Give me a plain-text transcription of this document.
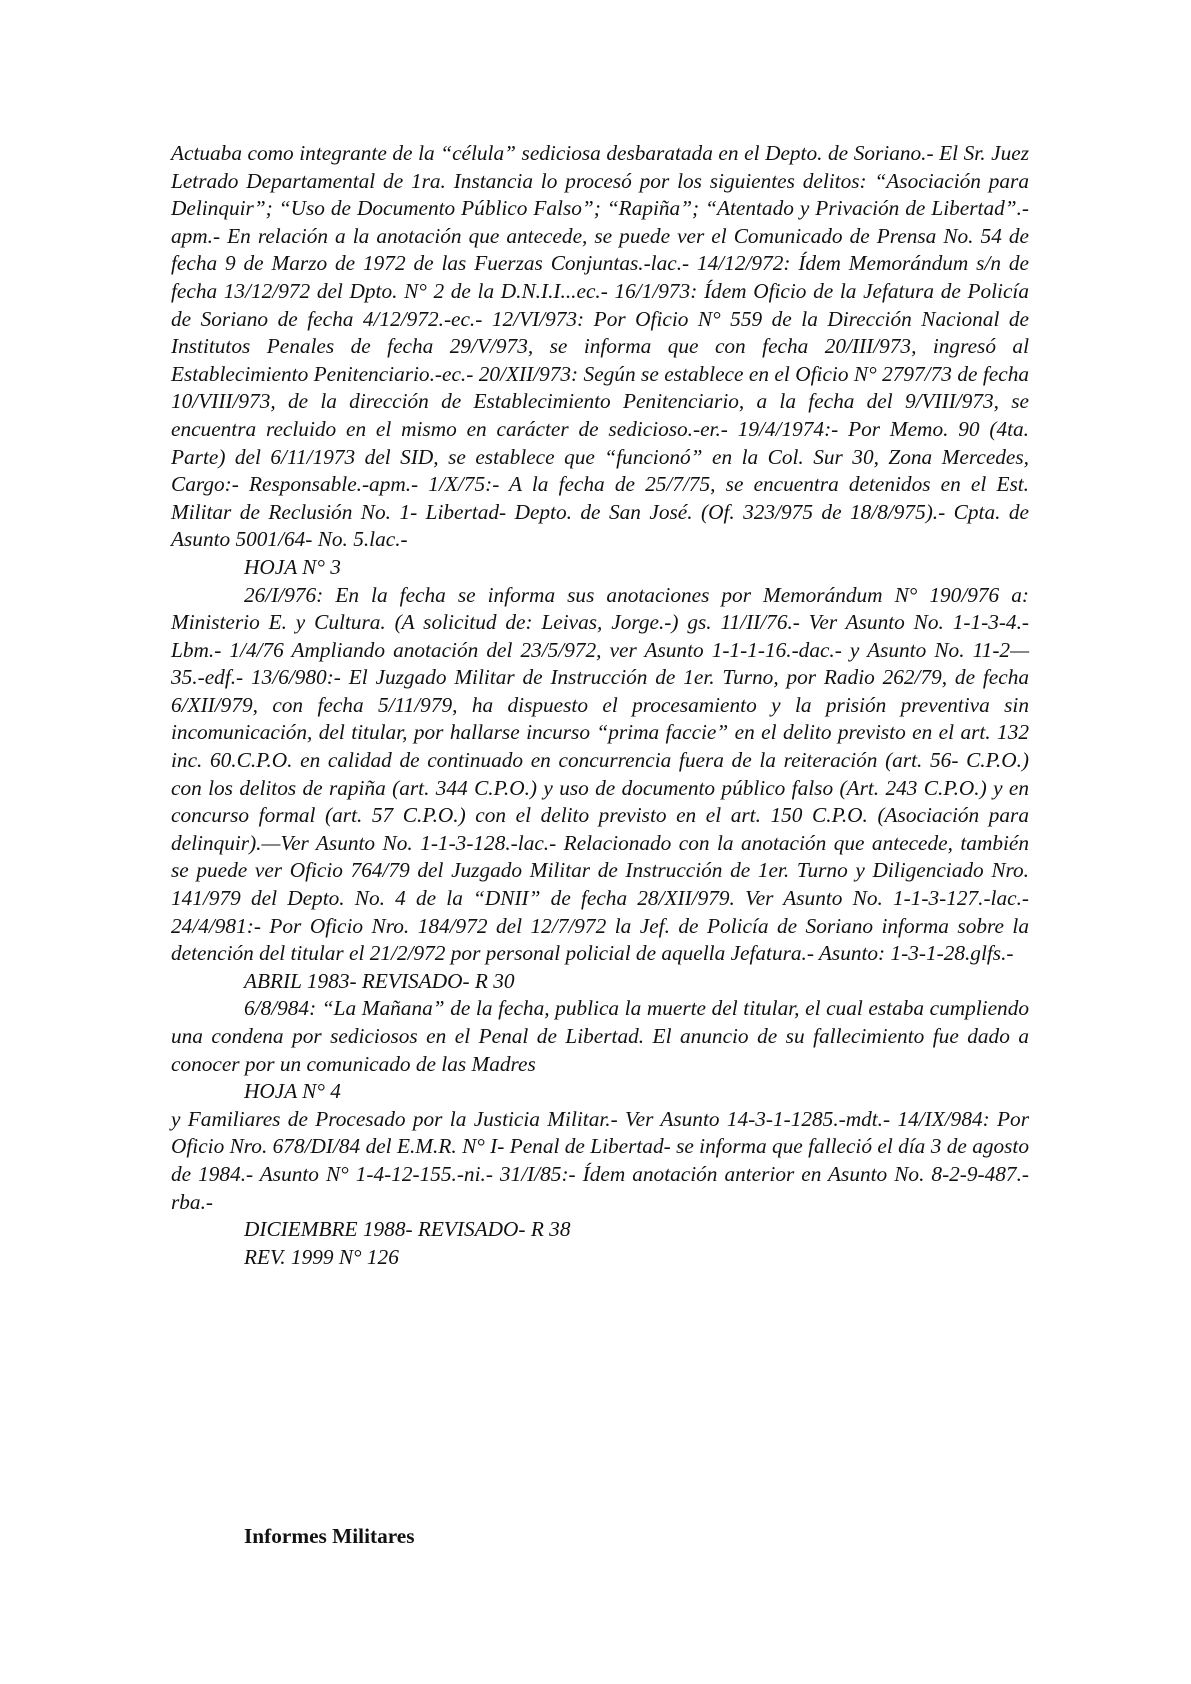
Actuaba como integrante de la “célula” sediciosa desbaratada en el Depto. de Soriano.- El Sr. Juez Letrado Departamental de 1ra. Instancia lo procesó por los siguientes delitos: “Asociación para Delinquir”; “Uso de Documento Público Falso”; “Rapiña”; “Atentado y Privación de Libertad”.- apm.- En relación a la anotación que antecede, se puede ver el Comunicado de Prensa No. 54 de fecha 9 de Marzo de 1972 de las Fuerzas Conjuntas.-lac.- 14/12/972: Ídem Memorándum s/n de fecha 13/12/972 del Dpto. N° 2 de la D.N.I.I...ec.- 16/1/973: Ídem Oficio de la Jefatura de Policía de Soriano de fecha 4/12/972.-ec.- 12/VI/973: Por Oficio N° 559 de la Dirección Nacional de Institutos Penales de fecha 29/V/973, se informa que con fecha 20/III/973, ingresó al Establecimiento Penitenciario.-ec.- 20/XII/973: Según se establece en el Oficio N° 2797/73 de fecha 10/VIII/973, de la dirección de Establecimiento Penitenciario, a la fecha del 9/VIII/973, se encuentra recluido en el mismo en carácter de sedicioso.-er.- 19/4/1974:- Por Memo. 90 (4ta. Parte) del 6/11/1973 del SID, se establece que “funcionó” en la Col. Sur 30, Zona Mercedes, Cargo:- Responsable.-apm.- 1/X/75:- A la fecha de 25/7/75, se encuentra detenidos en el Est. Militar de Reclusión No. 1- Libertad- Depto. de San José. (Of. 323/975 de 18/8/975).- Cpta. de Asunto 5001/64- No. 5.lac.-

HOJA N° 3

26/I/976: En la fecha se informa sus anotaciones por Memorándum N° 190/976 a: Ministerio E. y Cultura. (A solicitud de: Leivas, Jorge.-) gs. 11/II/76.- Ver Asunto No. 1-1-3-4.-Lbm.- 1/4/76 Ampliando anotación del 23/5/972, ver Asunto 1-1-1-16.-dac.- y Asunto No. 11-2—35.-edf.- 13/6/980:- El Juzgado Militar de Instrucción de 1er. Turno, por Radio 262/79, de fecha 6/XII/979, con fecha 5/11/979, ha dispuesto el procesamiento y la prisión preventiva sin incomunicación, del titular, por hallarse incurso “prima faccie” en el delito previsto en el art. 132 inc. 60.C.P.O. en calidad de continuado en concurrencia fuera de la reiteración (art. 56- C.P.O.) con los delitos de rapiña (art. 344 C.P.O.) y uso de documento público falso (Art. 243 C.P.O.) y en concurso formal (art. 57 C.P.O.) con el delito previsto en el art. 150 C.P.O. (Asociación para delinquir).—Ver Asunto No. 1-1-3-128.-lac.- Relacionado con la anotación que antecede, también se puede ver Oficio 764/79 del Juzgado Militar de Instrucción de 1er. Turno y Diligenciado Nro. 141/979 del Depto. No. 4 de la “DNII” de fecha 28/XII/979. Ver Asunto No. 1-1-3-127.-lac.- 24/4/981:- Por Oficio Nro. 184/972 del 12/7/972 la Jef. de Policía de Soriano informa sobre la detención del titular el 21/2/972 por personal policial de aquella Jefatura.- Asunto: 1-3-1-28.glfs.-

ABRIL 1983- REVISADO- R 30

6/8/984: “La Mañana” de la fecha, publica la muerte del titular, el cual estaba cumpliendo una condena por sediciosos en el Penal de Libertad. El anuncio de su fallecimiento fue dado a conocer por un comunicado de las Madres

HOJA N° 4

y Familiares de Procesado por la Justicia Militar.- Ver Asunto 14-3-1-1285.-mdt.- 14/IX/984: Por Oficio Nro. 678/DI/84 del E.M.R. N° I- Penal de Libertad- se informa que falleció el día 3 de agosto de 1984.- Asunto N° 1-4-12-155.-ni.- 31/I/85:- Ídem anotación anterior en Asunto No. 8-2-9-487.-rba.-

DICIEMBRE 1988- REVISADO- R 38

REV. 1999 N° 126

Informes Militares
